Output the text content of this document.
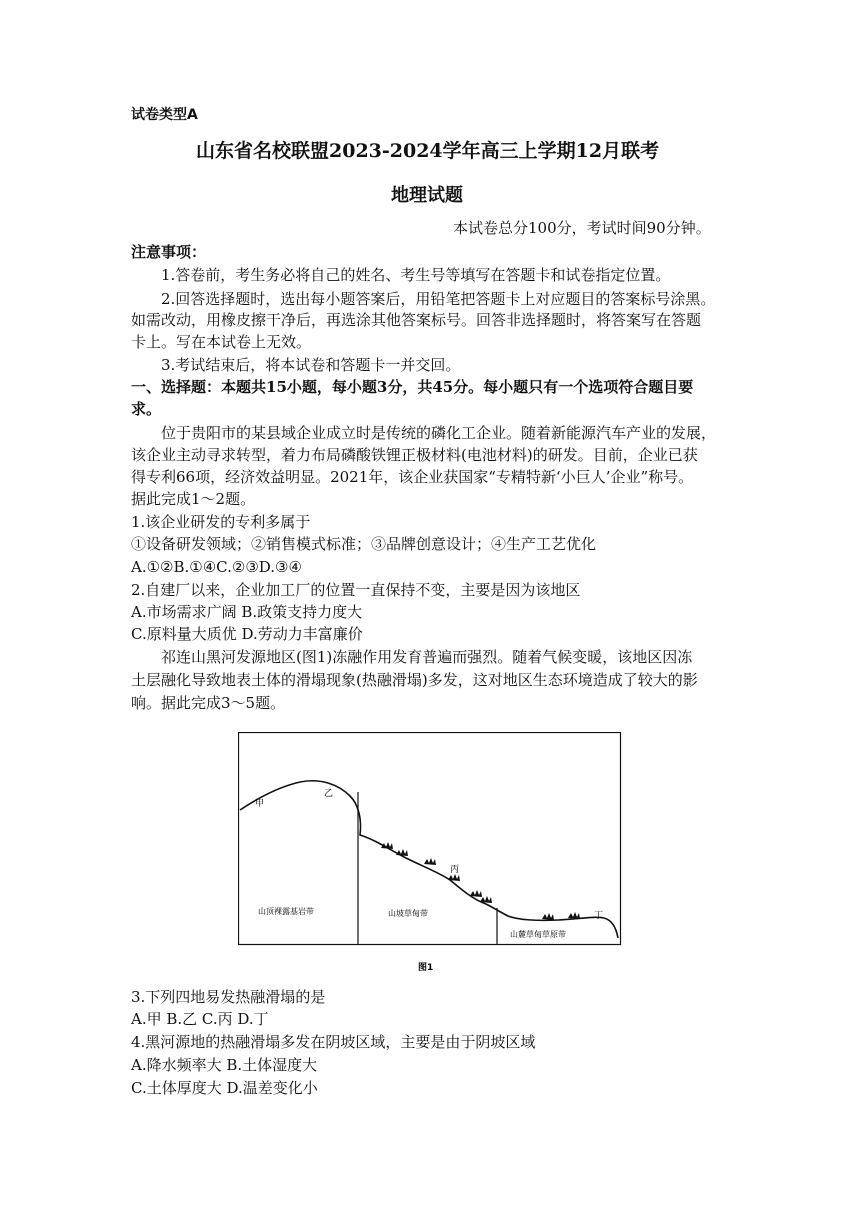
试卷类型A
山东省名校联盟2023-2024学年高三上学期12月联考
地理试题
本试卷总分100分，考试时间90分钟。
注意事项：
1.答卷前，考生务必将自己的姓名、考生号等填写在答题卡和试卷指定位置。
2.回答选择题时，选出每小题答案后，用铅笔把答题卡上对应题目的答案标号涂黑。
如需改动，用橡皮擦干净后，再选涂其他答案标号。回答非选择题时，将答案写在答题
卡上。写在本试卷上无效。
3.考试结束后，将本试卷和答题卡一并交回。
一、选择题：本题共15小题，每小题3分，共45分。每小题只有一个选项符合题目要
求。
位于贵阳市的某县域企业成立时是传统的磷化工企业。随着新能源汽车产业的发展，
该企业主动寻求转型，着力布局磷酸铁锂正极材料(电池材料)的研发。目前，企业已获
得专利66项，经济效益明显。2021年，该企业获国家“专精特新‘小巨人’企业”称号。
据此完成1～2题。
1.该企业研发的专利多属于
①设备研发领域；②销售模式标准；③品牌创意设计；④生产工艺优化
A.①②B.①④C.②③D.③④
2.自建厂以来，企业加工厂的位置一直保持不变，主要是因为该地区
A.市场需求广阔 B.政策支持力度大
C.原料量大质优 D.劳动力丰富廉价
祁连山黑河发源地区(图1)冻融作用发育普遍而强烈。随着气候变暖，该地区因冻
土层融化导致地表土体的滑塌现象(热融滑塌)多发，这对地区生态环境造成了较大的影
响。据此完成3～5题。
甲
乙
丙
丁
山顶裸露基岩带	山坡草甸带
山麓草甸草原带
图1
3.下列四地易发热融滑塌的是
A.甲 B.乙 C.丙 D.丁
4.黑河源地的热融滑塌多发在阴坡区域，主要是由于阴坡区域
A.降水频率大 B.土体湿度大
C.土体厚度大 D.温差变化小
